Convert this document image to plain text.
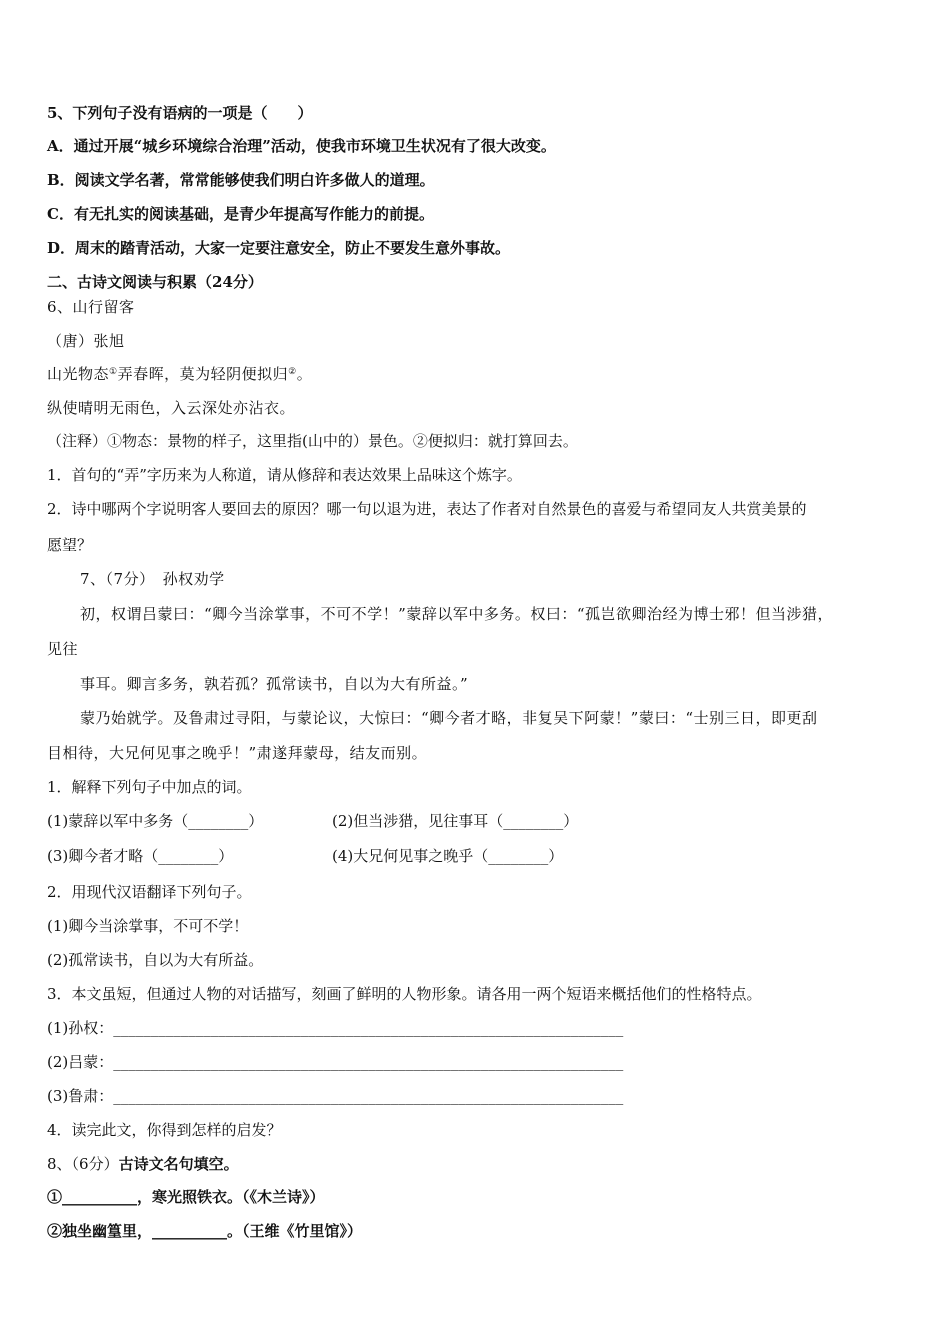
5、下列句子没有语病的一项是（　　）
A．通过开展“城乡环境综合治理”活动，使我市环境卫生状况有了很大改变。
B．阅读文学名著，常常能够使我们明白许多做人的道理。
C．有无扎实的阅读基础，是青少年提高写作能力的前提。
D．周末的踏青活动，大家一定要注意安全，防止不要发生意外事故。
二、古诗文阅读与积累（24分）
6、山行留客
（唐）张旭
山光物态①弄春晖，莫为轻阴便拟归②。
纵使晴明无雨色，入云深处亦沾衣。
（注释）①物态：景物的样子，这里指(山中的）景色。②便拟归：就打算回去。
1．首句的“弄”字历来为人称道，请从修辞和表达效果上品味这个炼字。
2．诗中哪两个字说明客人要回去的原因？哪一句以退为进，表达了作者对自然景色的喜爱与希望同友人共赏美景的
愿望？
7、（7分）　孙权劝学
初，权谓吕蒙曰：“卿今当涂掌事，不可不学！”蒙辞以军中多务。权曰：“孤岂欲卿治经为博士邪！但当涉猎，
见往
事耳。卿言多务，孰若孤？孤常读书，自以为大有所益。”
蒙乃始就学。及鲁肃过寻阳，与蒙论议，大惊曰：“卿今者才略，非复吴下阿蒙！”蒙曰：“士别三日，即更刮
目相待，大兄何见事之晚乎！”肃遂拜蒙母，结友而别。
1．解释下列句子中加点的词。
(1)蒙辞以军中多务（________）	(2)但当涉猎，见往事耳（________）
(3)卿今者才略（________）	(4)大兄何见事之晚乎（________）
2．用现代汉语翻译下列句子。
(1)卿今当涂掌事，不可不学！
(2)孤常读书，自以为大有所益。
3．本文虽短，但通过人物的对话描写，刻画了鲜明的人物形象。请各用一两个短语来概括他们的性格特点。
(1)孙权：____________________________________________________________________
(2)吕蒙：____________________________________________________________________
(3)鲁肃：____________________________________________________________________
4．读完此文，你得到怎样的启发？
8、（6分）古诗文名句填空。
①__________，寒光照铁衣。（《木兰诗》）
②独坐幽篁里，__________。（王维《竹里馆》）
